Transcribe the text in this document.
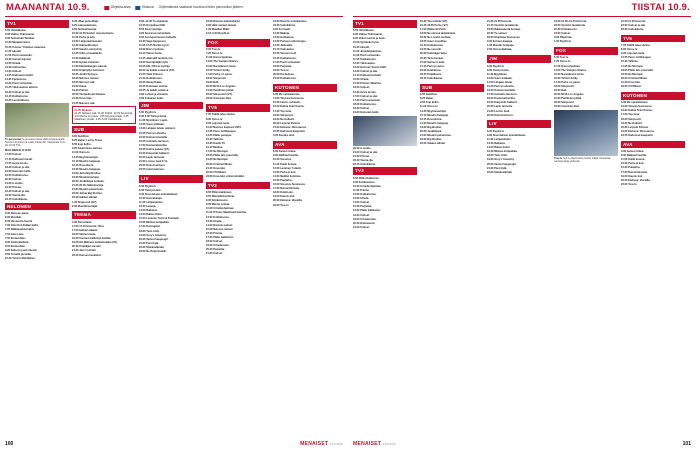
MAANANTAI 10.9.	Ohjelma-arvio	Elokuva Ohjelmatiedot saattavat muuttua lehden painoviikon jälkeen.
TV1
5.55 Uutisikkuna.
9.00 Valitse Ykkösaamu.
9.30 Seitsemän Tarakan.
10.00 Marjaterveiset.
10.25 Prisma: Yhteinen maamme.
11.20 Akuutti.
11.50 Puoli seitsemän.
12.20 Aamun leijonat.
12.50 Strada.
13.20 Arkistoitua.
14.00 Uutiset.
14.05 Kulttuuricocktail.
14.35 Flamencoa.
15.00 Puoli seitsemän.
15.25 Ykkösaamun arkisto.
16.00 Uutiset ja sää.
16.15 Kotikatsomo.
16.45 Luontoillassa.
Tv-persoonat Tv-persoona Vesa Vilkki tutustuu Etelä-Suomen luontoon ja Lapin maisemiin. Maanantai 10.9. klo 19.00 TV1.
MALLINEN KLO 19.00
17.00 Uutiset.
17.10 Kulttuurin kevät.
17.55 Avara luonto.
18.30 Uutiset ja sää.
19.00 Historian hetki.
19.55 Kotikatsomo.
20.30 Uutiset.
21.00 A-studio.
21.50 Prisma.
22.40 Uutiset ja sää.
23.00 Teema-ilta.
23.15 Uutisikkuna.
NELONEN
5.30 Nelosen aamu.
6.00 Musiikki.
6.30 Huomenta Suomi.
7.00 Oma Koti Kullan kallis.
7.25 Rakkaudesta lajiin.
7.50 Jane Lane.
7.55 Emmerdale.
8.30 Santa Barbara.
8.55 Emmerdale.
9.25 Kaksi ja puoli miestä.
9.50 Toisella puolella.
10.20 Tohtori Mehiläinen.
8.45 Ullan pomoittaja.
9.20 Lakeuslammas.
9.50 Suhteellisempi.
10.20 10.50 Suuleri sisustuskierto.
11.20 Perhe ja arki.
12.50 Lahjuslammasaari.
13.20 Suhteellisempi.
13.55 Sanelin uloslyönti.
14.25 Ullan urotetaideks.
15.00 Hääkisät.
16.00 Hyvää enmeistö.
17.00 Elämänlangan edessä.
18.00 Kirjahyllyn kotisivut.
18.35 Jenkit Syöpysi.
18.30 Nelosen uutiset.
18.55 Nelosen sää.
19.00 Kelaa.
19.30 Poliisit.
20.00 Vierijauhopit Kanava.
21.00 Kova linja.
21.25 Nelosen sää.
21.25 Elokuva:
21.25 Nelosen sää. 21.30 Poliisit. 22.00 Kova linja. 1.00 Perhe on paras. 1.55 Myytinmurtajat. 2.35 Maailman ympäri. 2.35–5.00 Uutisikkuna.
SUB
6.00 SubChat.
8.25 Babar, Lenny Tones.
8.55 Jopi kelho.
9.25 Kadonneen aarteen.
11.00 Ostos-tv.
14.20 Myytinmurtajat.
15.10 Muodin huippuja.
16.15 Rosvokoira.
16.35 Muodin huippuja.
19.00 Juttu Big Brother.
19.55 Muodinmurtajat.
20.00 Jenkkileipä poikaan.
21.00 20.00 Jalkinmurtaja.
21.00 Muodin puhumisen.
22.00 Juttua Big Brother.
23.00 Salatut elämät.
1.00 Simpsonit (4/7).
2.00 Muodinmurtajat.
TEEMA
4.00 Tanssitaito.
17.00 17.10 Historia: Ultra.
17.55 Hetkien aikaan.
18.50 Sininen laulu.
19.00 Suomen kätkettyä tarikka.
19.55 Ilot Matheus kohtalonaika (4/7).
20.40 Kirjailijan mestari.
21.30 Jazz Cocktail.
22.00 Kansan kuvalehti.
8.30–14.30 Tv-ohjelmaa.
12.25 Korjaukset EIR.
8.55 Suuri murtaja.
9.20 Suuressa nummitalo.
9.50 Auringonnousun kulpulle.
10.20 Saga Sepposen.
11.05 17.55 Nurtta mysti.
16.00 Bolz mystinen.
19.10 Vieras luona.
14.35 Jäänsälli tanninnorra.
18.30 Hennipitäjän kylä.
19.05 Elli, Ollin & myrkky.
20.00 Ja kaikki sodassa (4/7).
21.05 Tukit Kokoon.
21.40 Kotikatsomo.
22.00 Iltamyöhään.
22.45 Kotimaan uutisia.
23.25 Ja kaikki sodassa.
0.00 Lohtua ja viisautta.
0.30 Jokainen hetki.
JIM
5.00 Ryydit-tv.
8.30 8.30 Tietä ja koita.
11.30 Myytilmen: Lapin.
13.00 Suuri ankkaan.
14.00 Lahjaen laivan samaret.
15.00 Perisyn ahnetta.
16.00 Kolmen kouluilla.
16.55 Autotaito kuntoon.
17.50 Kuolemattomitta.
18.55 Kolme paivaa (4/7).
19.00 Kaupunki hakkerit.
20.00 Lapin tarinoita.
21.00 Lontoo tuuli 2:14.
22.00 Hiotut kuntoon.
23.55 Autot kuntoon.
LIV
6.30 Ryydit-tv.
8.30 Tietä ja koita.
9.30 Sisustuksen ammattilaiset.
10.30 Huonekaluja.
11.30 Lahjavaloitus.
12.30 Leipoja.
13.00 Ratkaisu.
14.00 Rakas kotini.
15.00 Lemmen Tonni & Tomaatti.
16.00 Minnan kotipaikka.
17.00 Kuningatar.
18.00 Tieto Antti.
19.00 Grey's Anatomy.
20.00 Vaimot kaupungit.
21.00 Pieni kylä.
22.00 Sinkkuelämää.
23.00 Ne Ouija Kuskki.
23.30 Ruotsin päänteekirjat.
0.00 Hätä suhteet laavan.
1.30 Maatilan Mikki.
2.10–5.00 Ryydit-tv.
FOX
5.30 Tosi-tv.
7.25 Ostos-tv.
11.00 Ostosohjelmaa.
14.00 The Vampire Diaries.
15.00 Nurmijärven loiste.
16.00 Tohtori Emily.
17.00 Perhe on paras.
18.00 Simpsonit.
19.00 Bull.
20.00 NCIS Los Angeles.
21.00 Perillisten juhlat.
22.00 Simpsonit (4/7).
23.00 American Dad.
TV5
7.05 Täällä tulee Hanna.
8.00 Ostos-tv.
9.00 Leijonan luola.
10.00 Nuorten kapteeni 2015.
12.55 Perre tarttikauppa.
13.55 Pikku-pumppu.
15.40 Tallinna.
16.35 Emilia TV.
16.10 Mantua.
17.05 Ne Murtojat.
18.05 Pikku talo preerialla.
19.00 Ne Murtojat.
20.00 Criminal Minds.
21.00 Kova laki.
22.00 CSI Miami.
23.00 Kova laki: erikoisyksikkö.
TV2
6.50 Pikku kakkonen.
6.55 Mimmikirkonhiiria.
9.05 Kotikatsomo.
9.35 Mimmi Lehmä.
10.00 Urheiluohjelmaa.
11.00 Prisma: Maailmanhistoriaa.
12.00 Kotikatsomo.
13.00 Strada.
14.00 Ruotsin uutiset.
15.00 Nelosen uutiset.
16.00 Prisma.
17.00 Pikku Kakkonen.
18.00 Uutiset.
19.00 Urheiluruutu.
20.00 Perjantai.
21.00 Uutiset.
23.00 Ruotsin uutiskatsaus.
23.30 Uutisikkuna.
0.00 Zorrnaati.
12.25 Makuja.
13.00 Kotikatsoa.
13.30 Perheen viikonloppu.
14.00 Jatkoaika.
15.10 Uutisaamu.
15.55 Tanssin tuuli.
16.45 Kotikatsomo.
17.00 Puoli seitsemän.
18.00 Perjantai.
19.00 Tosi-tv.
20.00 Korttelissa.
21.00 Kotikatsomo.
KUTONEN
6.30 Me opiskelemme.
14.00 Tanssia Suomessa.
15.00 Inness suhteelli.
16.00 Kultaa Teini Kasino.
17.00 Top Gear.
18.00 Simpsonit.
19.00 Ne Kulkurit.
20.00 Leijonat Pelissä.
21.00 Elokuva: Dinosaurus.
22.55 Kadonnut kaupunki.
0.35 Kuudes aisti.
AVA
6.00 Aamun Arkea.
9.00 Rakkaat Huvilla.
10.00 Sisustus.
11.00 Kokki kotona.
12.00 Lemmen Ystävät.
13.00 Perhe & koti.
14.00 Meidän kotimme.
15.00 Puutarha.
16.00 Sisustus Suomessa.
17.00 Remonttireiska.
18.00 Kokkisota.
19.00 Kaunis koti.
20.00 Elokuva: Vierailla.
22.00 Tosi-tv.
100	MENAISET 10/2018
TIISTAI 10.9.
TV1
5.55 Uutisikkuna.
9.00 Valitse Ykkösaamu.
9.25 Viikon luonto ja tiede.
10.00 Syötävän hyvä.
10.25 Akuutti.
11.00 Jumalanpalvelus.
11.20 Puoli seitsemän.
11.55 Kotikatsomo.
12.25 Ykkösaamu.
13.00 Historia: Suomi 1923.
14.00 Uutiset ja sää.
14.10 Kulttuuricocktail.
15.00 Strada.
15.30 Prisma: Maailma.
16.00 Uutiset.
16.30 Avara luonto.
17.00 Uutiset ja sää.
17.30 Puoli seitsemän.
18.00 Kotikatsomo.
18.30 Uutiset.
19.00 Historian hetki.
20.00 A-studio.
21.00 Uutiset ja sää.
21.30 Prisma.
22.30 Teema-ilta.
23.15 Uutisikkuna.
TV2
6.50 Pikku Kakkonen.
9.05 Kotikatsomo.
10.00 Urheiluohjelmaa.
11.00 Prisma.
12.00 Kotikatsomo.
13.00 Strada.
14.00 Uutiset.
15.00 Perjantai.
16.00 Pikku Kakkonen.
18.00 Uutiset.
19.00 Urheiluruutu.
20.00 Dokumentti.
21.00 Uutiset.
16.32 Tero hetkiä (4/7).
16.45 16.35 Perhe (4/7).
17.00 Pikkuveli Pohti.
18.00 Ne edessä tämäniskua.
18.22 Ne Lovelin luotteet.
18.55 Suuri muodikas.
19.10 Kotikatsomo.
19.50 Ne sesonki.
20.00 Kuluttajan ketju.
20.35 Tartu kuvaan.
21.00 Sininen Laulu.
21.45 Perisyn autot.
22.00 Kotikatsoa.
22.25 Kirjallisuus.
23.10 Uutisikkuna.
SUB
6.00 SubChat.
8.25 Babar.
8.55 Jopi kelho.
11.00 Ostos-tv.
14.20 Myytinmurtajat.
15.10 Muodin huippuja.
16.15 Rosvokoira.
17.00 Muodin huippuja.
19.00 Big Brother.
20.00 Jenkkileipä.
21.00 Muodin puhumisen.
22.00 Big Brother.
23.00 Salatut elämät.
21.00 21.05 Historia.
21.45 Ventolin lautakunta.
22.00 Rakkaudesta koiraan.
22.30 Tv-uutiset.
23.00 Ohjelmaa Suomessa.
0.05 Kolmen kauppa.
1.00 Muodin huippuja.
2.00 Ostosohjelmaa.
JIM
5.00 Ryydit-tv.
8.30 Tietä ja koita.
11.30 Myytilmen.
13.00 Suuri ankkaan.
14.00 Lahjaen laivan.
15.00 Perisyn ahnetta.
16.00 Kolmen kouluilla.
17.00 Autotaito kuntoon.
18.00 Kuolemattomitta.
19.00 Kaupunki hakkerit.
20.00 Lapin tarinoita.
21.00 Lontoo tuuli.
22.00 Hiotut kuntoon.
LIV
6.30 Ryydit-tv.
9.30 Sisustuksen ammattilaiset.
11.30 Lahjavaloitus.
13.00 Ratkaisu.
14.00 Rakas kotini.
16.00 Minnan kotipaikka.
18.00 Tieto Antti.
19.00 Grey's Anatomy.
20.00 Vaimot kaupungit.
21.00 Pieni kylä.
22.00 Sinkkuelämää.
21.00 21.00–21.45 Historia.
22.00 Ventolin lautakunta.
22.30 Kotikatsomo.
23.00 Uutiset.
0.00 Ohjelmaa.
1.00 Ryydit-tv.
FOX
5.30 Tosi-tv.
7.25 Ostos-tv.
11.00 Ostosohjelmaa.
14.00 The Vampire Diaries.
15.00 Nurmijärven loiste.
16.00 Tohtori Emily.
17.00 Perhe on paras.
18.00 Simpsonit.
19.00 Bull.
20.00 NCIS Los Angeles.
21.00 Perillisten juhlat.
22.00 Simpsonit.
23.00 American Dad.
Tosi-tv Tosi-tv-ohjelmassa nuoret tekijät sisustavat vanhoja taloja yhdessä.
21.00 21.00 Historia.
22.00 Uutiset ja sää.
23.00 Uutisikkuna.
TV5
7.05 Täällä tulee Hanna.
8.00 Ostos-tv.
9.00 Leijonan luola.
12.55 Perre tarttikauppa.
15.40 Tallinna.
17.05 Ne Murtojat.
18.05 Pikku talo preerialla.
19.00 Ne Murtojat.
20.00 Criminal Minds.
21.00 Kova laki.
22.00 CSI Miami.
KUTONEN
6.30 Me opiskelemme.
14.00 Tanssia Suomessa.
16.00 Kultaa Teini Kasino.
17.00 Top Gear.
18.00 Simpsonit.
19.00 Ne Kulkurit.
20.00 Leijonat Pelissä.
21.00 Elokuva: Dinosaurus.
22.55 Kadonnut kaupunki.
AVA
6.00 Aamun Arkea.
9.00 Rakkaat Huvilla.
11.00 Kokki kotona.
13.00 Perhe & koti.
15.00 Puutarha.
17.00 Remonttireiska.
19.00 Kaunis koti.
20.00 Elokuva: Vierailla.
22.00 Tosi-tv.
101
MENAISET 10/2018
